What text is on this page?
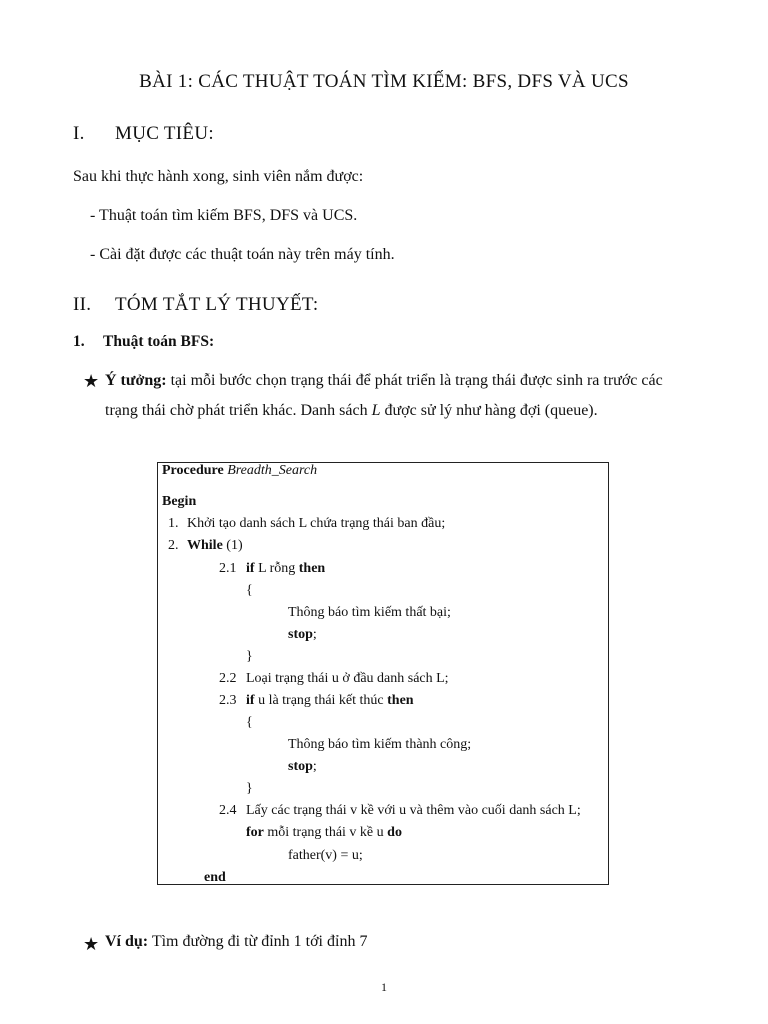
BÀI 1: CÁC THUẬT TOÁN TÌM KIẾM: BFS, DFS VÀ UCS
I. MỤC TIÊU:
Sau khi thực hành xong, sinh viên nắm được:
- Thuật toán tìm kiếm BFS, DFS và UCS.
- Cài đặt được các thuật toán này trên máy tính.
II. TÓM TẮT LÝ THUYẾT:
1. Thuật toán BFS:
★ Ý tưởng: tại mỗi bước chọn trạng thái để phát triển là trạng thái được sinh ra trước các trạng thái chờ phát triển khác. Danh sách L được sử lý như hàng đợi (queue).
Procedure Breadth_Search
Begin
1. Khởi tạo danh sách L chứa trạng thái ban đầu;
2. While (1)
2.1 if L rỗng then
{
Thông báo tìm kiếm thất bại;
stop;
}
2.2 Loại trạng thái u ở đầu danh sách L;
2.3 if u là trạng thái kết thúc then
{
Thông báo tìm kiếm thành công;
stop;
}
2.4 Lấy các trạng thái v kề với u và thêm vào cuối danh sách L;
for mỗi trạng thái v kề u do
father(v) = u;
end
★ Ví dụ: Tìm đường đi từ đỉnh 1 tới đỉnh 7
1
